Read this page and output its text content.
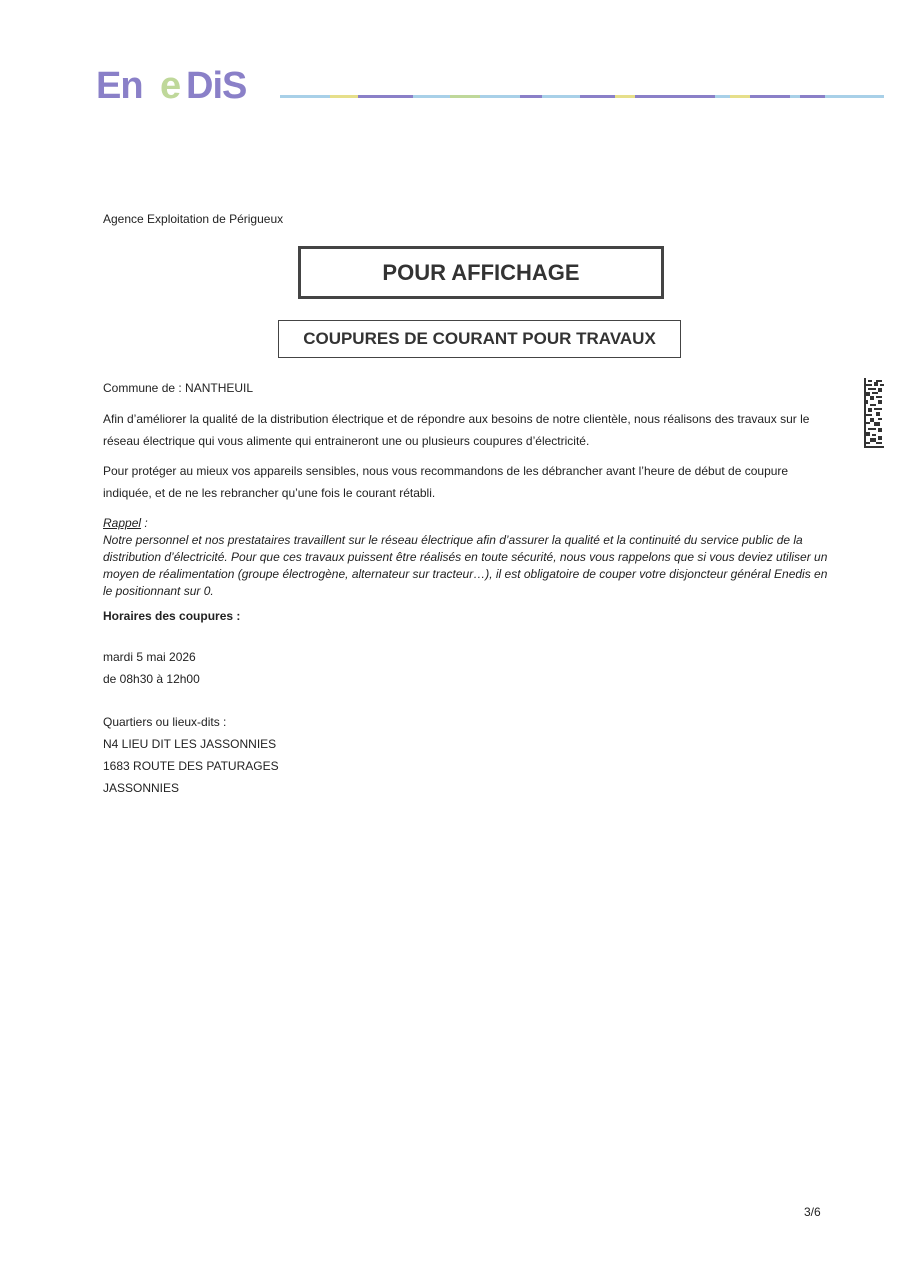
En e DiS
Agence Exploitation de Périgueux
POUR AFFICHAGE
COUPURES DE COURANT POUR TRAVAUX
Commune de : NANTHEUIL
Afin d’améliorer la qualité de la distribution électrique et de répondre aux besoins de notre clientèle, nous réalisons des travaux sur le réseau électrique qui vous alimente qui entraineront une ou plusieurs coupures d’électricité.
Pour protéger au mieux vos appareils sensibles, nous vous recommandons de les débrancher avant l’heure de début de coupure indiquée, et de ne les rebrancher qu’une fois le courant rétabli.
Rappel :
Notre personnel et nos prestataires travaillent sur le réseau électrique afin d’assurer la qualité et la continuité du service public de la distribution d’électricité. Pour que ces travaux puissent être réalisés en toute sécurité, nous vous rappelons que si vous deviez utiliser un moyen de réalimentation (groupe électrogène, alternateur sur tracteur…), il est obligatoire de couper votre disjoncteur général Enedis en le positionnant sur 0.
Horaires des coupures :
mardi 5 mai 2026
de 08h30 à 12h00
Quartiers ou lieux-dits :
N4 LIEU DIT LES JASSONNIES
1683 ROUTE DES PATURAGES
JASSONNIES
3/6
